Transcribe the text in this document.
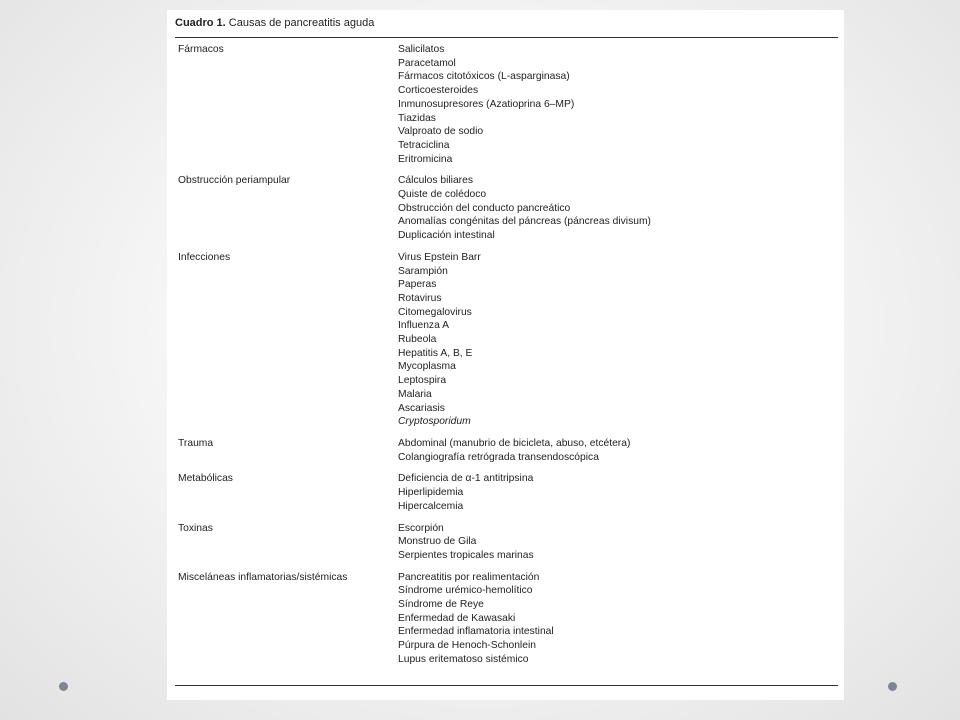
Cuadro 1. Causas de pancreatitis aguda
Fármacos	Salicilatos
Paracetamol
Fármacos citotóxicos (L-asparginasa)
Corticoesteroides
Inmunosupresores (Azatioprina 6–MP)
Tiazidas
Valproato de sodio
Tetraciclina
Eritromicina
Obstrucción periampular	Cálculos biliares
Quiste de colédoco
Obstrucción del conducto pancreático
Anomalías congénitas del páncreas (páncreas divisum)
Duplicación intestinal
Infecciones	Virus Epstein Barr
Sarampión
Paperas
Rotavirus
Citomegalovirus
Influenza A
Rubeola
Hepatitis A, B, E
Mycoplasma
Leptospira
Malaria
Ascariasis
Cryptosporidum
Trauma	Abdominal (manubrio de bicicleta, abuso, etcétera)
Colangiografía retrógrada transendoscópica
Metabólicas	Deficiencia de α-1 antitripsina
Hiperlipidemia
Hipercalcemia
Toxinas	Escorpión
Monstruo de Gila
Serpientes tropicales marinas
Misceláneas inflamatorias/sistémicas	Pancreatitis por realimentación
Síndrome urémico-hemolítico
Síndrome de Reye
Enfermedad de Kawasaki
Enfermedad inflamatoria intestinal
Púrpura de Henoch-Schonlein
Lupus eritematoso sistémico
